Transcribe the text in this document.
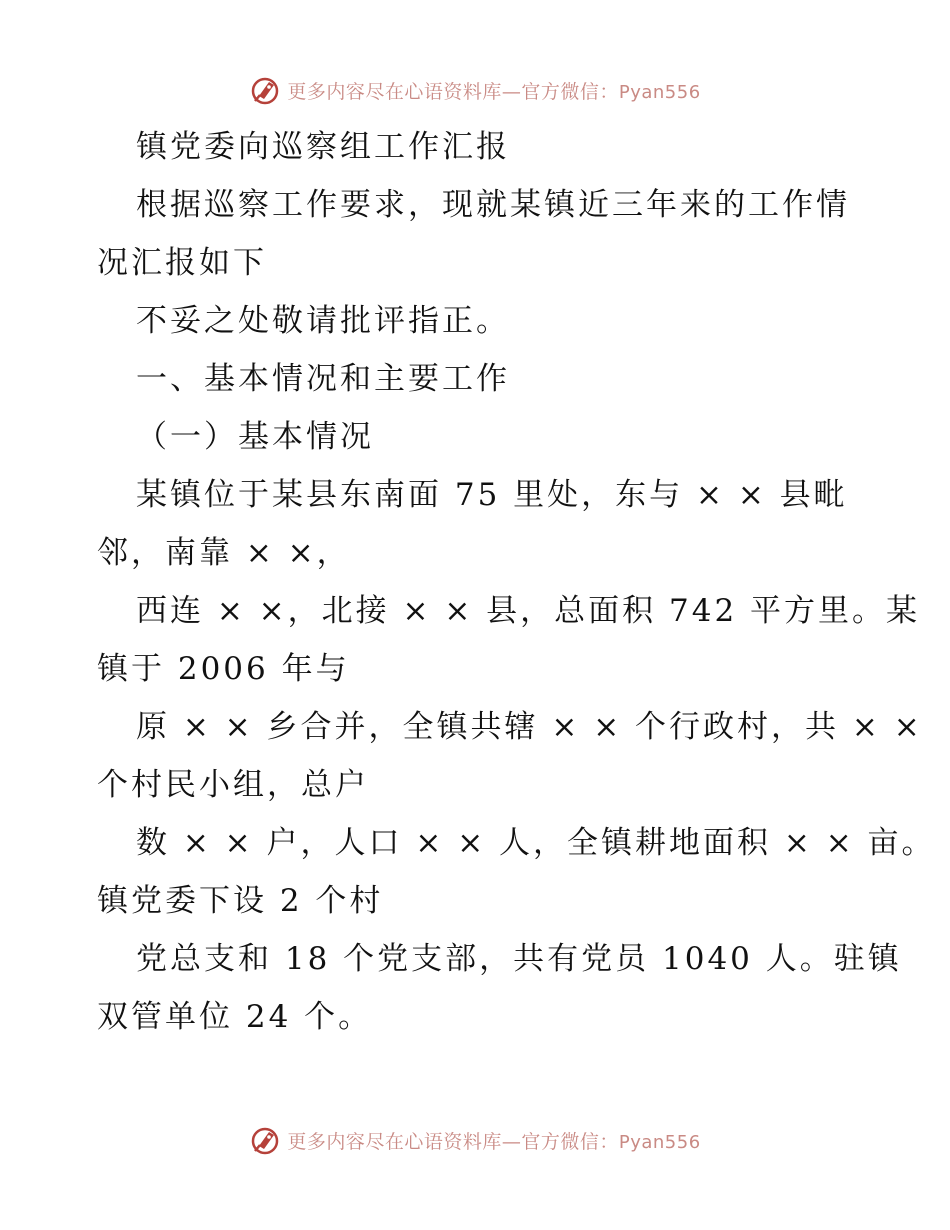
更多内容尽在心语资料库—官方微信：Pyan556
镇党委向巡察组工作汇报
根据巡察工作要求，现就某镇近三年来的工作情
况汇报如下
不妥之处敬请批评指正。
一、基本情况和主要工作
（一）基本情况
某镇位于某县东南面 75 里处，东与 × × 县毗
邻，南靠 × ×，
西连 × ×，北接 × × 县，总面积 742 平方里。某
镇于 2006 年与
原 × × 乡合并，全镇共辖 × × 个行政村，共 × ×
个村民小组，总户
数 × × 户，人口 × × 人，全镇耕地面积 × × 亩。
镇党委下设 2 个村
党总支和 18 个党支部，共有党员 1040 人。驻镇
双管单位 24 个。
更多内容尽在心语资料库—官方微信：Pyan556
